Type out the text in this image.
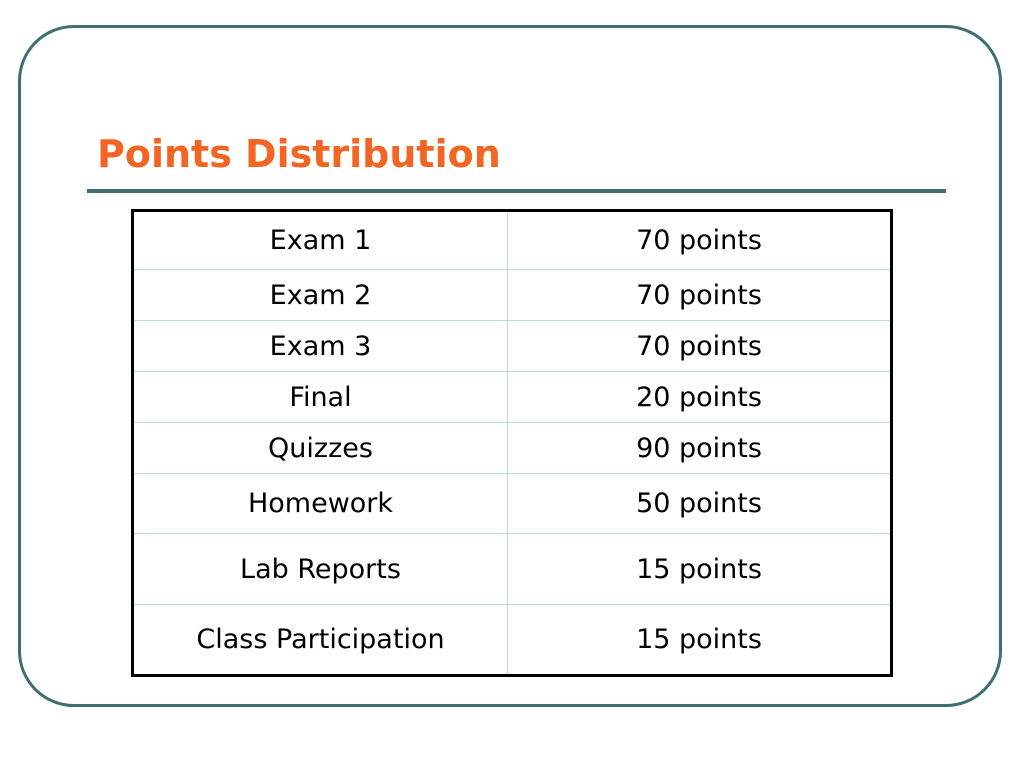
Points Distribution
Exam 1	70 points
Exam 2	70 points
Exam 3	70 points
Final	20 points
Quizzes	90 points
Homework	50 points
Lab Reports	15 points
Class Participation	15 points
